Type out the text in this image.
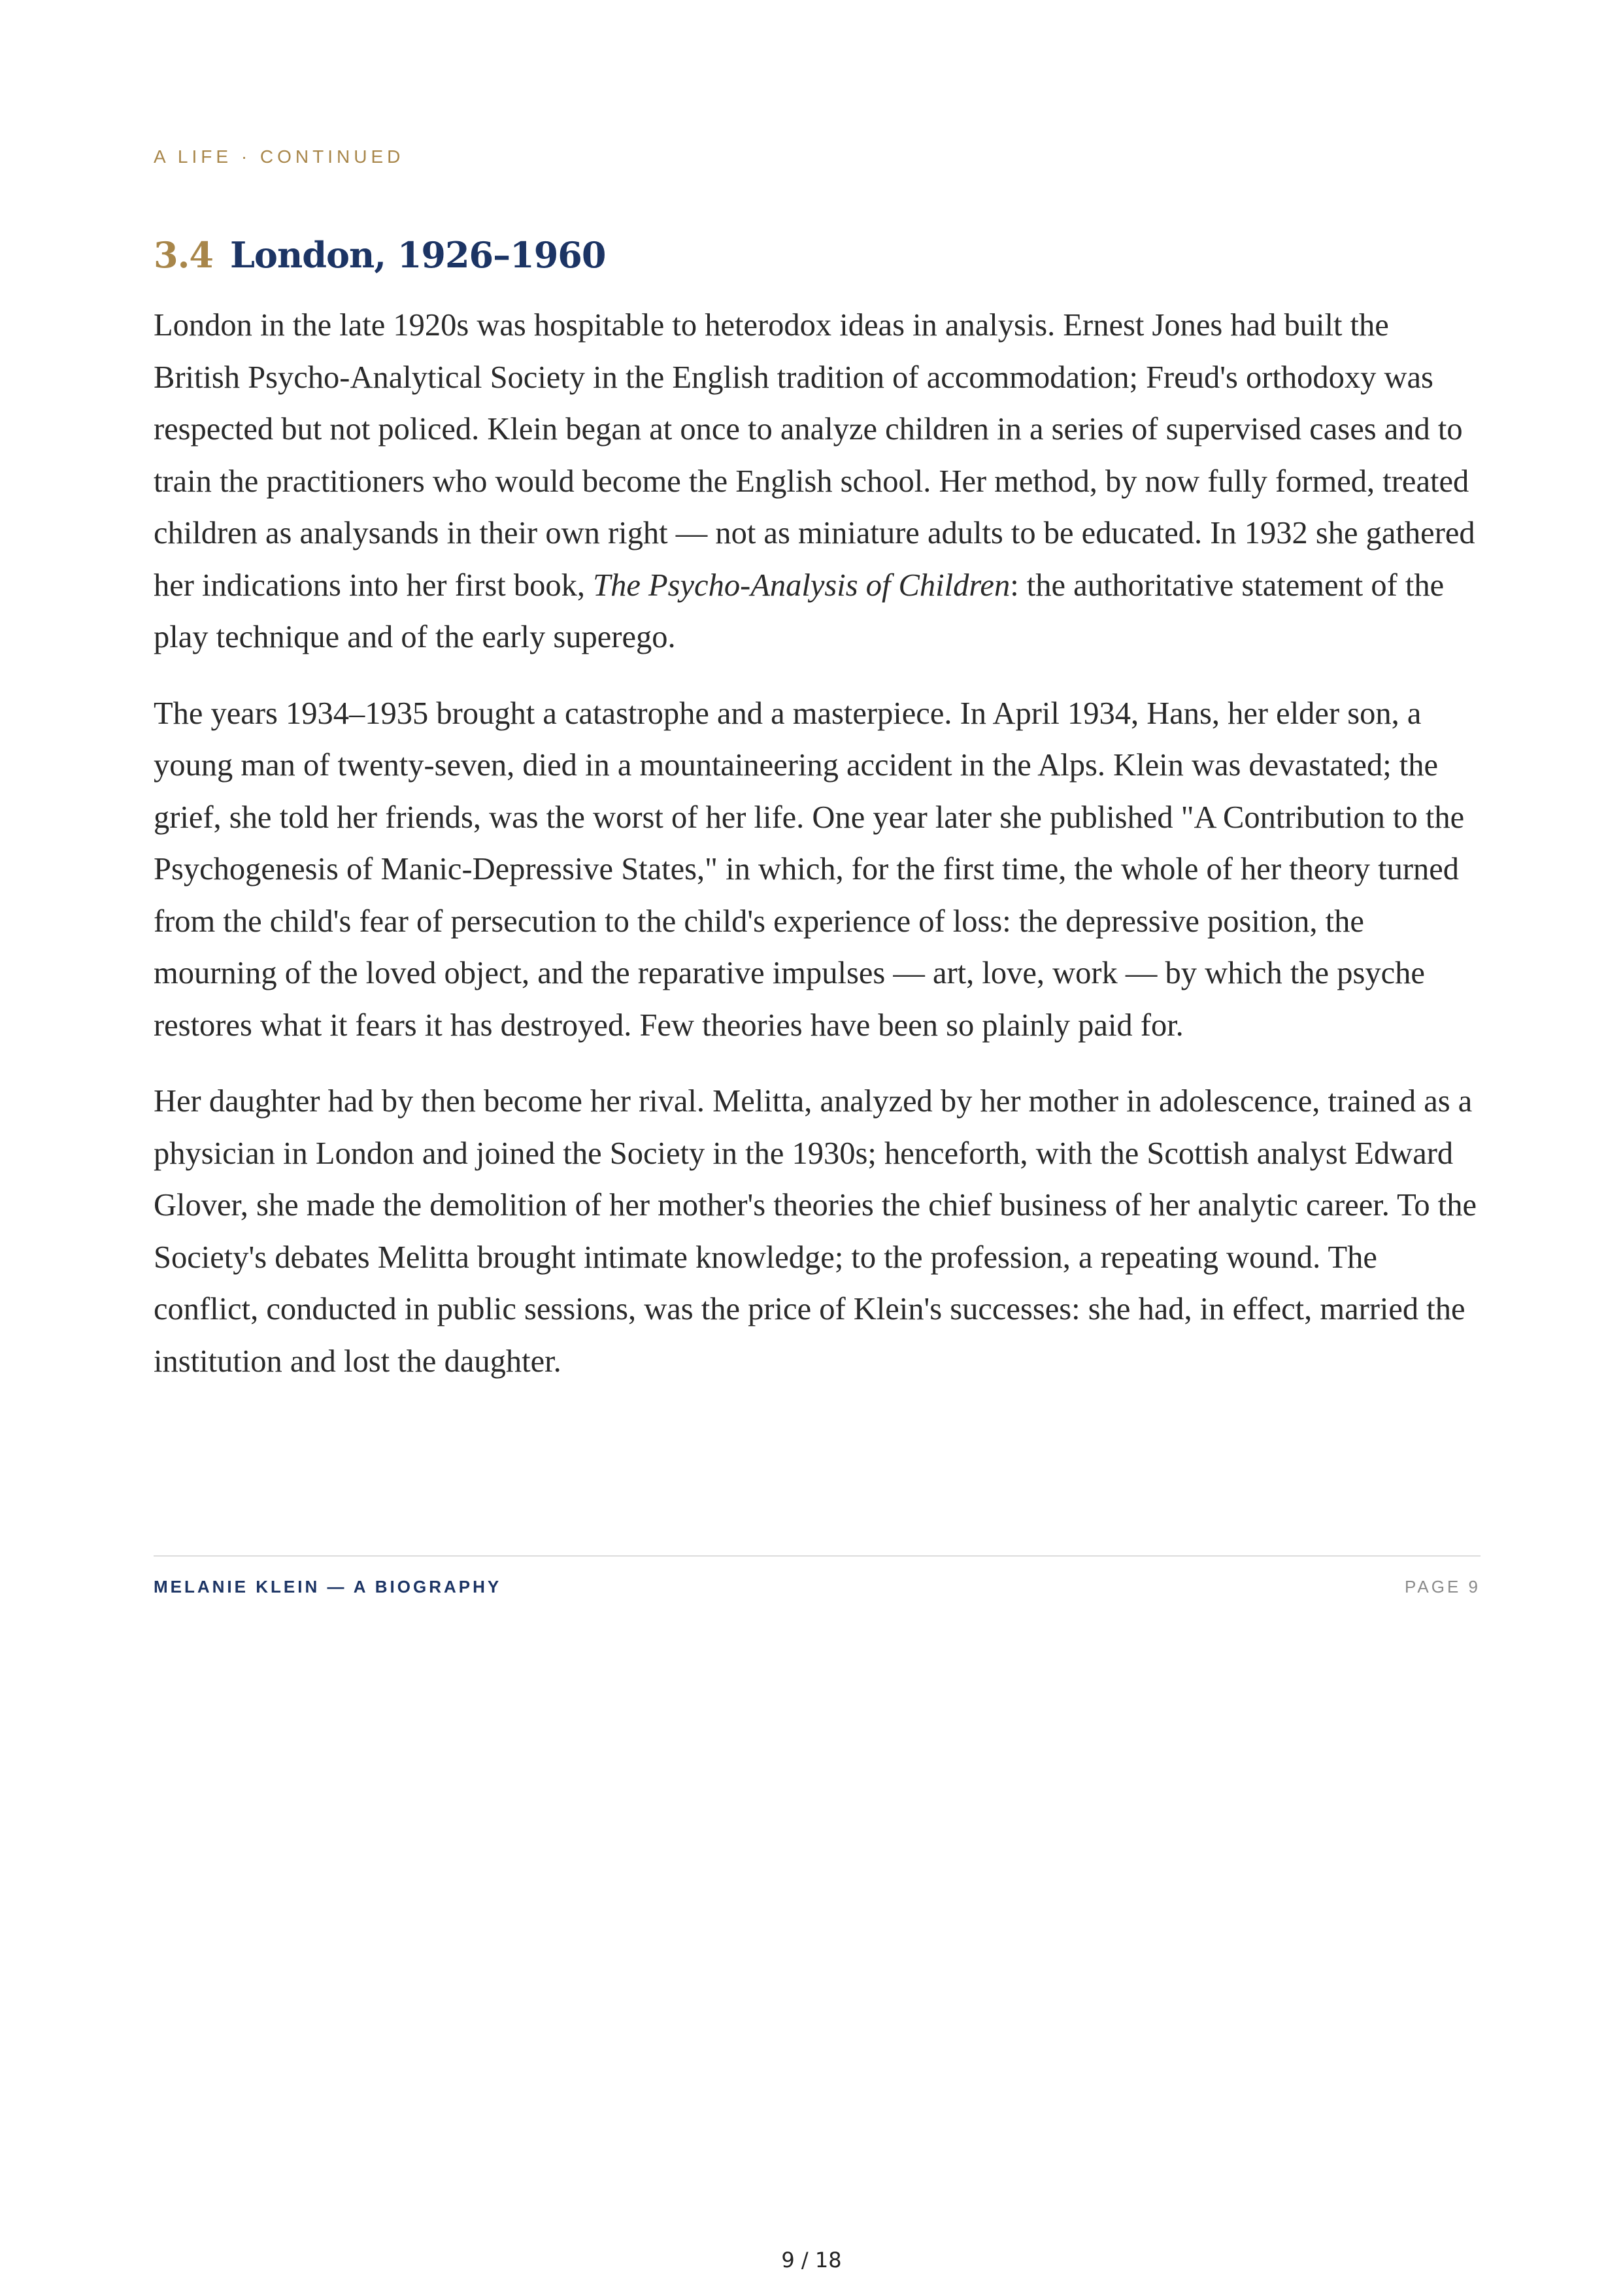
A LIFE · CONTINUED
3.4 London, 1926–1960

London in the late 1920s was hospitable to heterodox ideas in analysis. Ernest Jones had built the British Psycho-Analytical Society in the English tradition of accommodation; Freud's orthodoxy was respected but not policed. Klein began at once to analyze children in a series of supervised cases and to train the practitioners who would become the English school. Her method, by now fully formed, treated children as analysands in their own right — not as miniature adults to be educated. In 1932 she gathered her indications into her first book, The Psycho-Analysis of Children: the authoritative statement of the play technique and of the early superego.

The years 1934–1935 brought a catastrophe and a masterpiece. In April 1934, Hans, her elder son, a young man of twenty-seven, died in a mountaineering accident in the Alps. Klein was devastated; the grief, she told her friends, was the worst of her life. One year later she published "A Contribution to the Psychogenesis of Manic-Depressive States," in which, for the first time, the whole of her theory turned from the child's fear of persecution to the child's experience of loss: the depressive position, the mourning of the loved object, and the reparative impulses — art, love, work — by which the psyche restores what it fears it has destroyed. Few theories have been so plainly paid for.

Her daughter had by then become her rival. Melitta, analyzed by her mother in adolescence, trained as a physician in London and joined the Society in the 1930s; henceforth, with the Scottish analyst Edward Glover, she made the demolition of her mother's theories the chief business of her analytic career. To the Society's debates Melitta brought intimate knowledge; to the profession, a repeating wound. The conflict, conducted in public sessions, was the price of Klein's successes: she had, in effect, married the institution and lost the daughter.

MELANIE KLEIN — A BIOGRAPHY	PAGE 9
9 / 18
